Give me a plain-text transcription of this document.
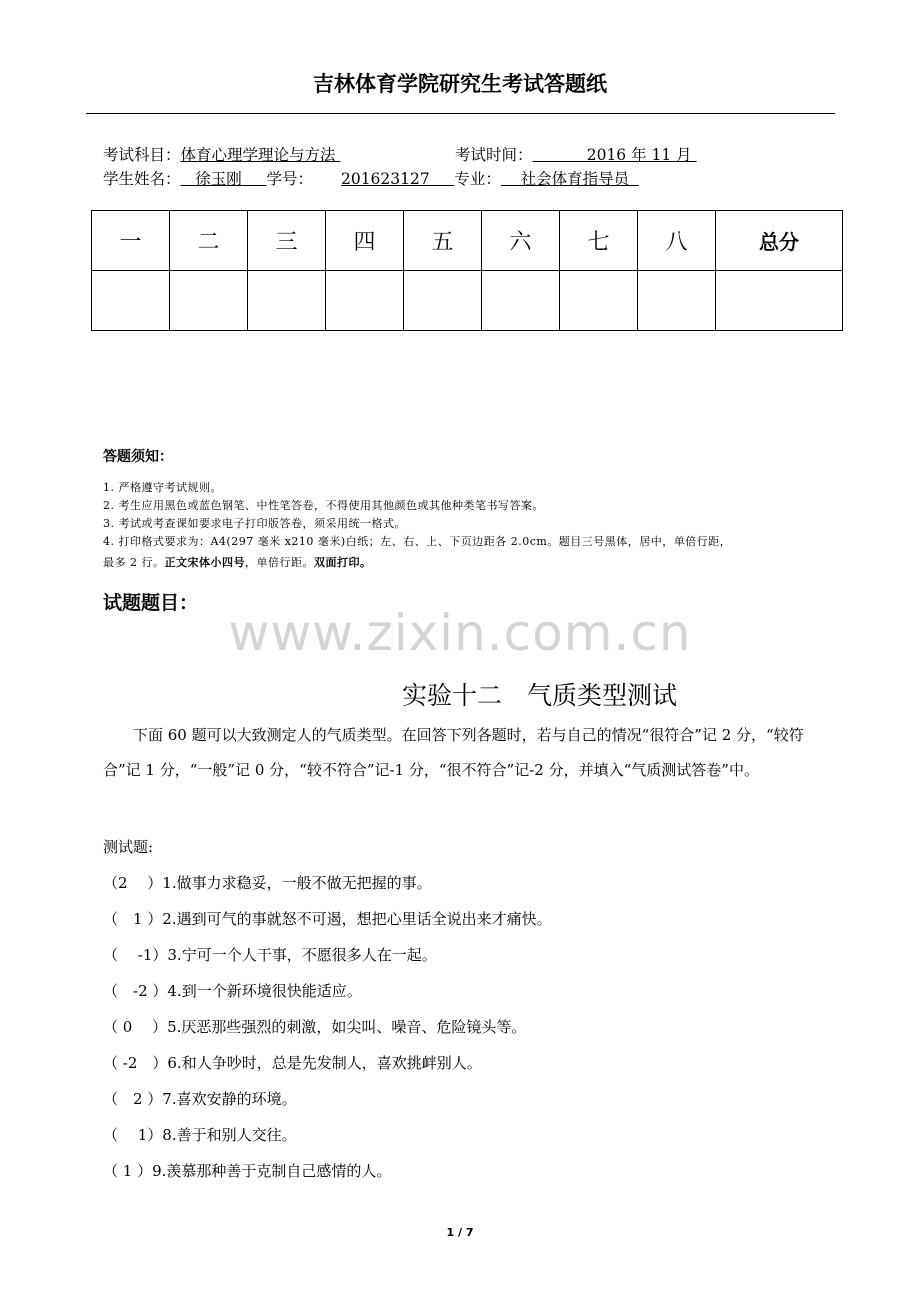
吉林体育学院研究生考试答题纸
考试科目：体育心理学理论与方法	考试时间：	2016 年 11 月
学生姓名： 徐玉刚 学号： 201623127 专业： 社会体育指导员
一	二	三	四	五	六	七	八	总分

答题须知：
1. 严格遵守考试规则。
2. 考生应用黑色或蓝色钢笔、中性笔答卷，不得使用其他颜色或其他种类笔书写答案。
3. 考试或考查课如要求电子打印版答卷，须采用统一格式。
4. 打印格式要求为：A4(297 毫米 x210 毫米)白纸；左、右、上、下页边距各 2.0cm。题目三号黑体，居中，单倍行距，
最多 2 行。正文宋体小四号，单倍行距。双面打印。
试题题目：
www.zixin.com.cn
实验十二　气质类型测试
下面 60 题可以大致测定人的气质类型。在回答下列各题时，若与自己的情况“很符合”记 2 分，“较符合”记 1 分，“一般”记 0 分，“较不符合”记-1 分，“很不符合”记-2 分，并填入“气质测试答卷”中。
测试题:
（2　 ）1.做事力求稳妥，一般不做无把握的事。
（　1 ）2.遇到可气的事就怒不可遏，想把心里话全说出来才痛快。
（　 -1）3.宁可一个人干事，不愿很多人在一起。
（　-2 ）4.到一个新环境很快能适应。
（ 0　 ）5.厌恶那些强烈的刺激，如尖叫、噪音、危险镜头等。
（ -2　）6.和人争吵时，总是先发制人，喜欢挑衅别人。
（　2 ）7.喜欢安静的环境。
（　 1）8.善于和别人交往。
（ 1 ）9.羡慕那种善于克制自己感情的人。
1 / 7
